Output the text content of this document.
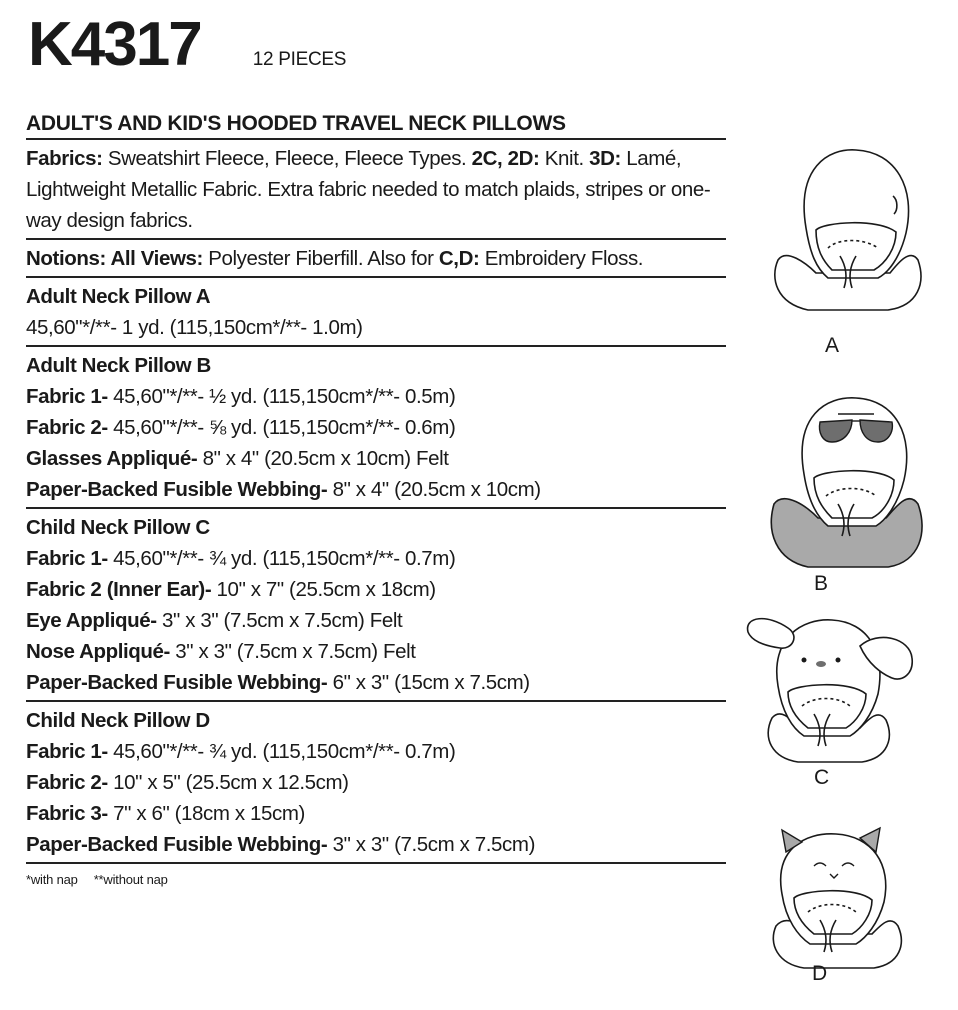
K4317	12 PIECES
ADULT'S AND KID'S HOODED TRAVEL NECK PILLOWS
Fabrics: Sweatshirt Fleece, Fleece, Fleece Types. 2C, 2D: Knit. 3D: Lamé, Lightweight Metallic Fabric. Extra fabric needed to match plaids, stripes or one-way design fabrics.
Notions: All Views: Polyester Fiberfill. Also for C,D: Embroidery Floss.
Adult Neck Pillow A
45,60"*/**- 1 yd. (115,150cm*/**- 1.0m)
Adult Neck Pillow B
Fabric 1- 45,60"*/**- ½ yd. (115,150cm*/**- 0.5m)
Fabric 2- 45,60"*/**- ⅝ yd. (115,150cm*/**- 0.6m)
Glasses Appliqué- 8" x 4" (20.5cm x 10cm) Felt
Paper-Backed Fusible Webbing- 8" x 4" (20.5cm x 10cm)
Child Neck Pillow C
Fabric 1- 45,60"*/**- ¾ yd. (115,150cm*/**- 0.7m)
Fabric 2 (Inner Ear)- 10" x 7" (25.5cm x 18cm)
Eye Appliqué- 3" x 3" (7.5cm x 7.5cm) Felt
Nose Appliqué- 3" x 3" (7.5cm x 7.5cm) Felt
Paper-Backed Fusible Webbing- 6" x 3" (15cm x 7.5cm)
Child Neck Pillow D
Fabric 1- 45,60"*/**- ¾ yd. (115,150cm*/**- 0.7m)
Fabric 2- 10" x 5" (25.5cm x 12.5cm)
Fabric 3- 7" x 6" (18cm x 15cm)
Paper-Backed Fusible Webbing- 3" x 3" (7.5cm x 7.5cm)
*with nap **without nap
A
B
C
D
